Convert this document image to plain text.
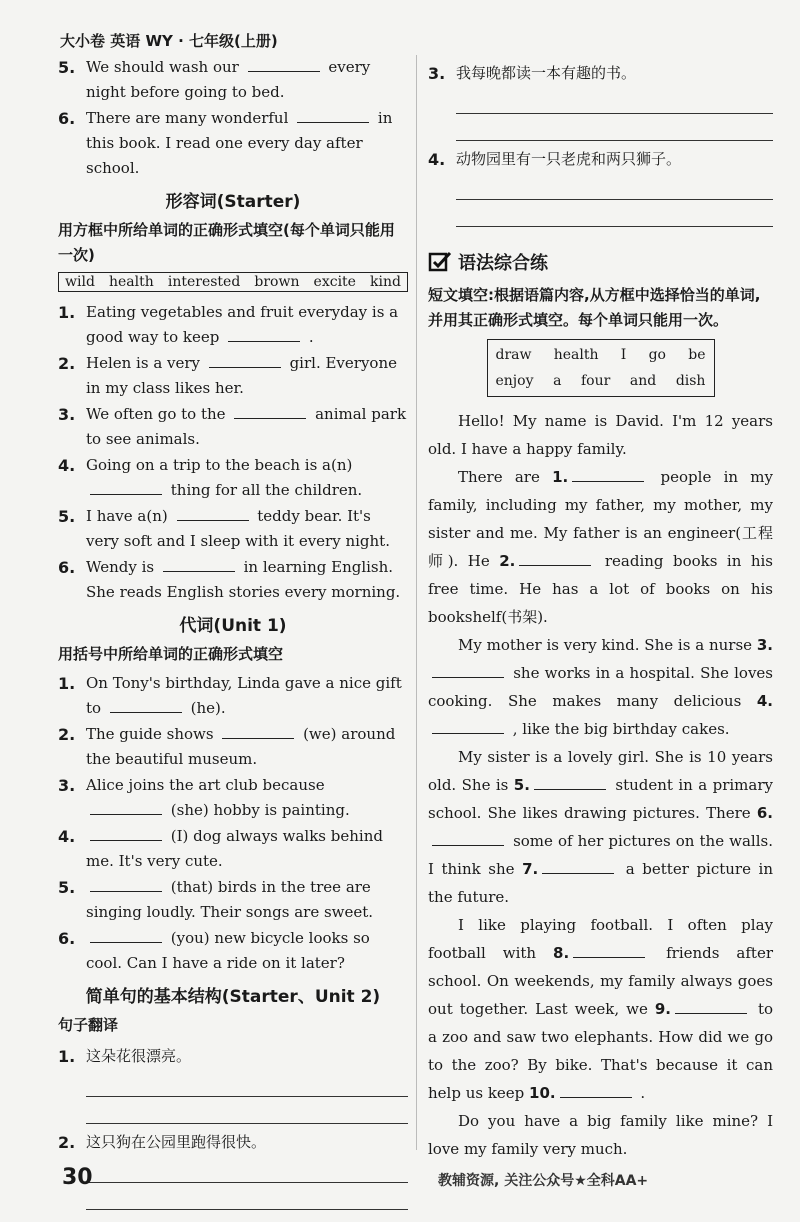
大小卷 英语 WY · 七年级(上册)
5. We should wash our	every night before going to bed.
6. There are many wonderful	in this book. I read one every day after school.
形容词(Starter)
用方框中所给单词的正确形式填空(每个单词只能用一次)
wild health interested brown excite kind
1. Eating vegetables and fruit everyday is a good way to keep	.
2. Helen is a very	girl. Everyone in my class likes her.
3. We often go to the	animal park to see animals.
4. Going on a trip to the beach is a(n)  thing for all the children.
5. I have a(n)	teddy bear. It's very soft and I sleep with it every night.
6. Wendy is	in learning English. She reads English stories every morning.
代词(Unit 1)
用括号中所给单词的正确形式填空
1. On Tony's birthday, Linda gave a nice gift to	(he).
2. The guide shows	(we) around the beautiful museum.
3. Alice joins the art club because  (she) hobby is painting.
4.	(I) dog always walks behind me. It's very cute.
5.	(that) birds in the tree are singing loudly. Their songs are sweet.
6.	(you) new bicycle looks so cool. Can I have a ride on it later?
简单句的基本结构(Starter、Unit 2)
句子翻译
1. 这朵花很漂亮。
2. 这只狗在公园里跑得很快。
3. 我每晚都读一本有趣的书。
4. 动物园里有一只老虎和两只狮子。
语法综合练
短文填空:根据语篇内容,从方框中选择恰当的单词,并用其正确形式填空。每个单词只能用一次。
draw health I go be
enjoy a four and dish

Hello! My name is David. I'm 12 years old. I have a happy family.

There are 1.	people in my family, including my father, my mother, my sister and me. My father is an engineer(工程师). He 2.	reading books in his free time. He has a lot of books on his bookshelf(书架).

My mother is very kind. She is a nurse 3. she works in a hospital. She loves cooking. She makes many delicious 4. , like the big birthday cakes.

My sister is a lovely girl. She is 10 years old. She is 5.	student in a primary school. She likes drawing pictures. There 6. some of her pictures on the walls. I think she 7.	a better picture in the future.

I like playing football. I often play football with 8.	friends after school. On weekends, my family always goes out together. Last week, we 9.	to a zoo and saw two elephants. How did we go to the zoo? By bike. That's because it can help us keep 10.	.

Do you have a big family like mine? I love my family very much.

30	教辅资源, 关注公众号★全科AA+
